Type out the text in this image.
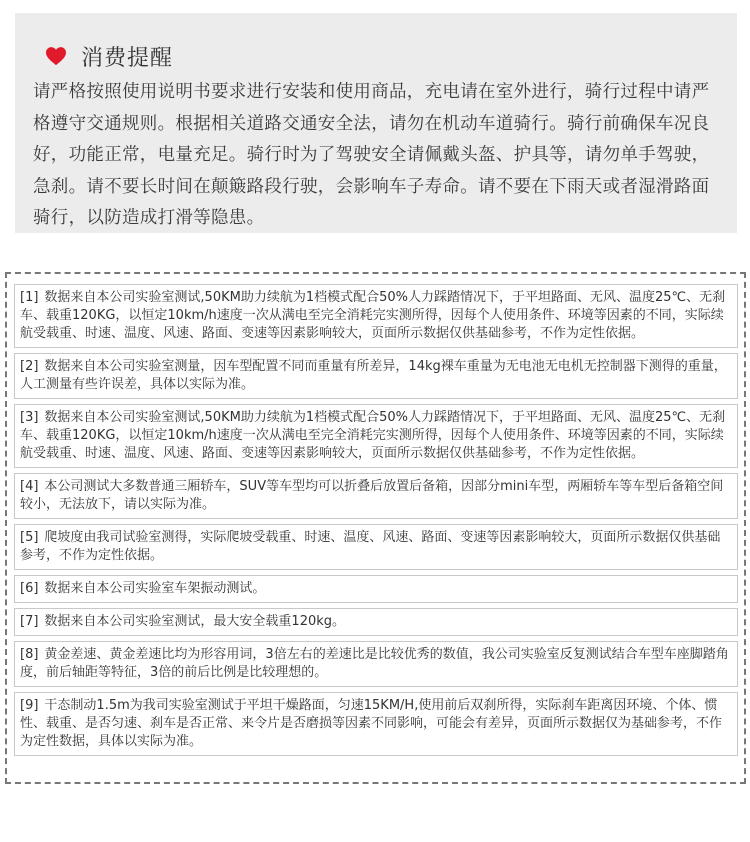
消费提醒

请严格按照使用说明书要求进行安装和使用商品，充电请在室外进行，骑行过程中请严格遵守交通规则。根据相关道路交通安全法，请勿在机动车道骑行。骑行前确保车况良好，功能正常，电量充足。骑行时为了驾驶安全请佩戴头盔、护具等，请勿单手驾驶，急刹。请不要长时间在颠簸路段行驶，会影响车子寿命。请不要在下雨天或者湿滑路面骑行，以防造成打滑等隐患。

[1] 数据来自本公司实验室测试,50KM助力续航为1档模式配合50%人力踩踏情况下，于平坦路面、无风、温度25℃、无刹车、载重120KG，以恒定10km/h速度一次从满电至完全消耗完实测所得，因每个人使用条件、环境等因素的不同，实际续航受载重、时速、温度、风速、路面、变速等因素影响较大，页面所示数据仅供基础参考，不作为定性依据。
[2] 数据来自本公司实验室测量，因车型配置不同而重量有所差异，14kg裸车重量为无电池无电机无控制器下测得的重量，人工测量有些许误差，具体以实际为准。
[3] 数据来自本公司实验室测试,50KM助力续航为1档模式配合50%人力踩踏情况下，于平坦路面、无风、温度25℃、无刹车、载重120KG，以恒定10km/h速度一次从满电至完全消耗完实测所得，因每个人使用条件、环境等因素的不同，实际续航受载重、时速、温度、风速、路面、变速等因素影响较大，页面所示数据仅供基础参考，不作为定性依据。
[4] 本公司测试大多数普通三厢轿车，SUV等车型均可以折叠后放置后备箱，因部分mini车型，两厢轿车等车型后备箱空间较小，无法放下，请以实际为准。
[5] 爬坡度由我司试验室测得，实际爬坡受载重、时速、温度、风速、路面、变速等因素影响较大，页面所示数据仅供基础参考，不作为定性依据。
[6] 数据来自本公司实验室车架振动测试。
[7] 数据来自本公司实验室测试，最大安全载重120kg。
[8] 黄金差速、黄金差速比均为形容用词，3倍左右的差速比是比较优秀的数值，我公司实验室反复测试结合车型车座脚踏角度，前后轴距等特征，3倍的前后比例是比较理想的。
[9] 干态制动1.5m为我司实验室测试于平坦干燥路面，匀速15KM/H,使用前后双刹所得，实际刹车距离因环境、个体、惯性、载重、是否匀速、刹车是否正常、来令片是否磨损等因素不同影响，可能会有差异，页面所示数据仅为基础参考，不作为定性数据，具体以实际为准。
